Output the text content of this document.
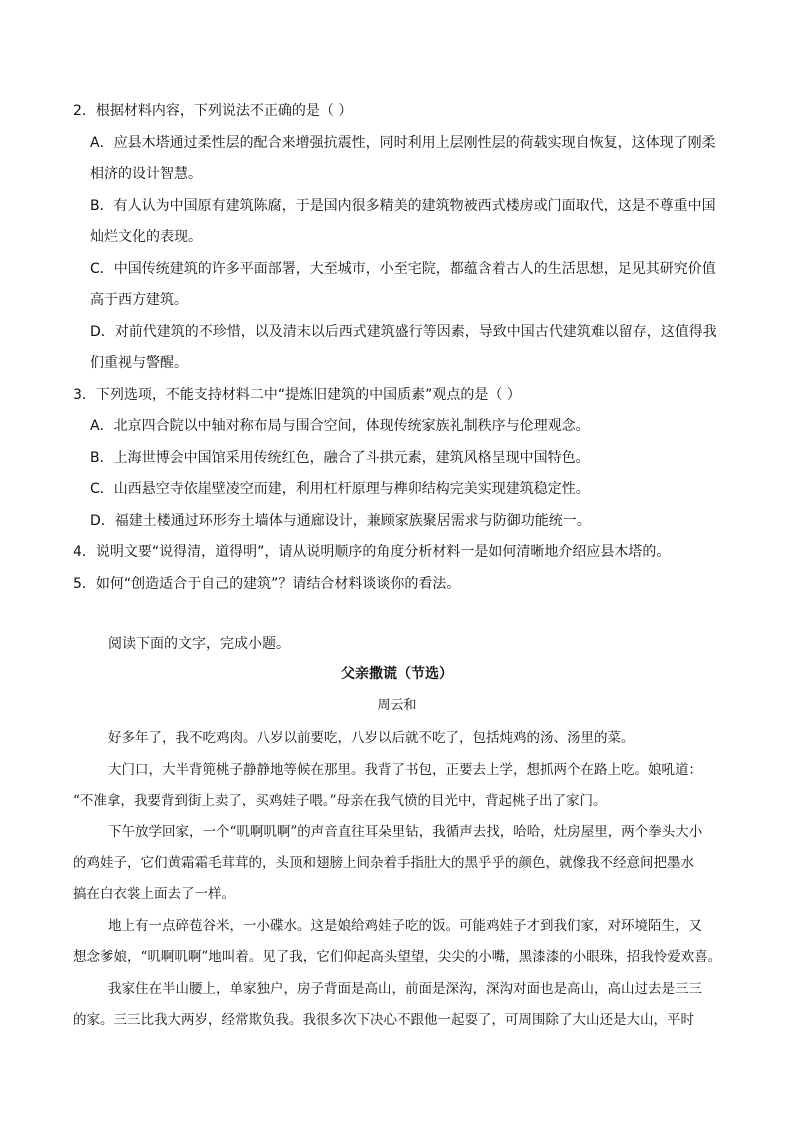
2．根据材料内容，下列说法不正确的是（ ）
A．应县木塔通过柔性层的配合来增强抗震性，同时利用上层刚性层的荷载实现自恢复，这体现了刚柔
相济的设计智慧。
B．有人认为中国原有建筑陈腐，于是国内很多精美的建筑物被西式楼房或门面取代，这是不尊重中国
灿烂文化的表现。
C．中国传统建筑的许多平面部署，大至城市，小至宅院，都蕴含着古人的生活思想，足见其研究价值
高于西方建筑。
D．对前代建筑的不珍惜，以及清末以后西式建筑盛行等因素，导致中国古代建筑难以留存，这值得我
们重视与警醒。
3．下列选项，不能支持材料二中“提炼旧建筑的中国质素”观点的是（ ）
A．北京四合院以中轴对称布局与围合空间，体现传统家族礼制秩序与伦理观念。
B．上海世博会中国馆采用传统红色，融合了斗拱元素，建筑风格呈现中国特色。
C．山西悬空寺依崖壁凌空而建，利用杠杆原理与榫卯结构完美实现建筑稳定性。
D．福建土楼通过环形夯土墙体与通廊设计，兼顾家族聚居需求与防御功能统一。
4．说明文要“说得清，道得明”，请从说明顺序的角度分析材料一是如何清晰地介绍应县木塔的。
5．如何“创造适合于自己的建筑”？请结合材料谈谈你的看法。
阅读下面的文字，完成小题。
父亲撒谎（节选）
周云和
好多年了，我不吃鸡肉。八岁以前要吃，八岁以后就不吃了，包括炖鸡的汤、汤里的菜。
大门口，大半背篼桃子静静地等候在那里。我背了书包，正要去上学，想抓两个在路上吃。娘吼道：
“不准拿，我要背到街上卖了，买鸡娃子喂。”母亲在我气愤的目光中，背起桃子出了家门。
下午放学回家，一个“叽啊叽啊”的声音直往耳朵里钻，我循声去找，哈哈，灶房屋里，两个拳头大小
的鸡娃子，它们黄霜霜毛茸茸的，头顶和翅膀上间杂着手指肚大的黑乎乎的颜色，就像我不经意间把墨水
搞在白衣裳上面去了一样。
地上有一点碎苞谷米，一小碟水。这是娘给鸡娃子吃的饭。可能鸡娃子才到我们家，对环境陌生，又
想念爹娘，“叽啊叽啊”地叫着。见了我，它们仰起高头望望，尖尖的小嘴，黑漆漆的小眼珠，招我怜爱欢喜。
我家住在半山腰上，单家独户，房子背面是高山，前面是深沟，深沟对面也是高山，高山过去是三三
的家。三三比我大两岁，经常欺负我。我很多次下决心不跟他一起耍了，可周围除了大山还是大山，平时
